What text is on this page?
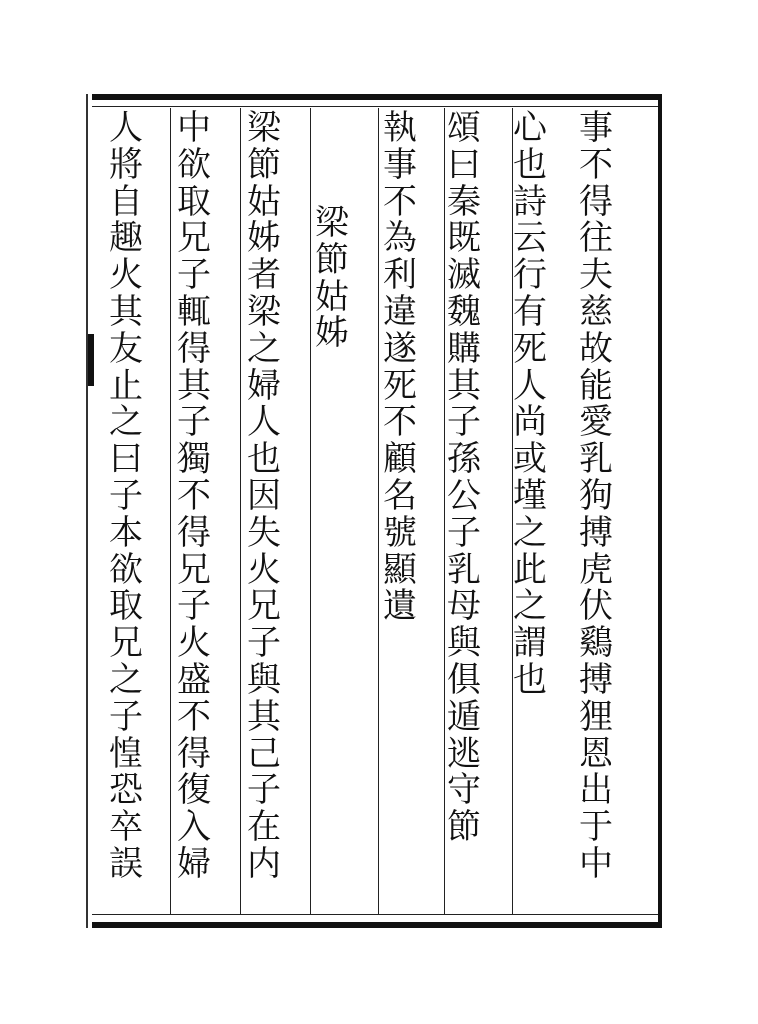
事
不
得
往
夫
慈
故
能
愛
乳
狗
搏
虎
伏
鷄
搏
狸
恩
出
于
中
心
也
詩
云
行
有
死
人
尚
或
墐
之
此
之
謂
也
頌
曰
秦
既
滅
魏
購
其
子
孫
公
子
乳
母
與
俱
遁
逃
守
節
執
事
不
為
利
違
遂
死
不
顧
名
號
顯
遺
梁
節
姑
姊
梁
節
姑
姊
者
梁
之
婦
人
也
因
失
火
兄
子
與
其
己
子
在
内
中
欲
取
兄
子
輒
得
其
子
獨
不
得
兄
子
火
盛
不
得
復
入
婦
人
將
自
趣
火
其
友
止
之
曰
子
本
欲
取
兄
之
子
惶
恐
卒
誤
